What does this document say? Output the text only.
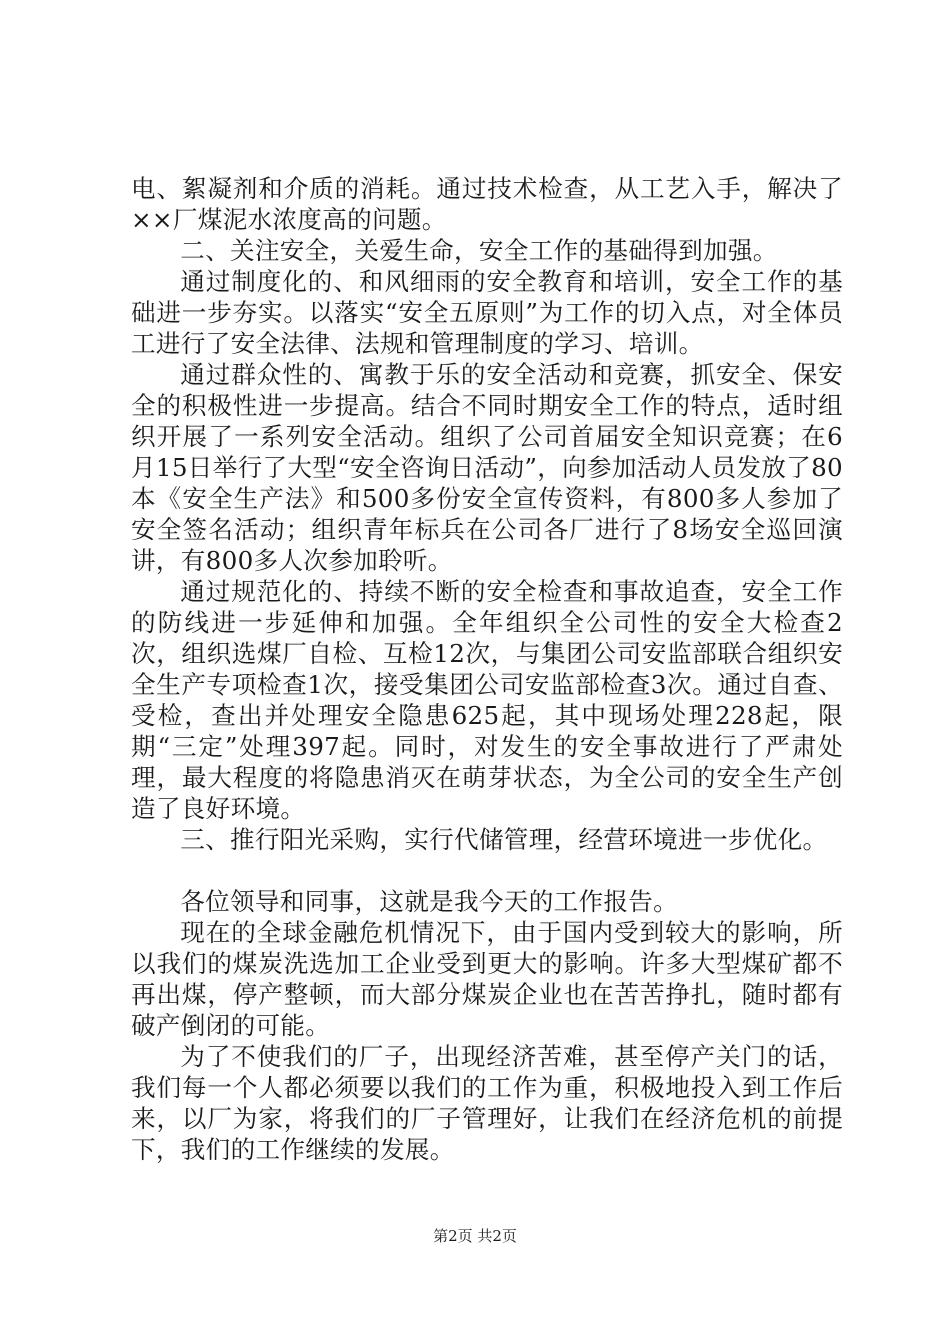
电、絮凝剂和介质的消耗。通过技术检查，从工艺入手，解决了××厂煤泥水浓度高的问题。

二、关注安全，关爱生命，安全工作的基础得到加强。

通过制度化的、和风细雨的安全教育和培训，安全工作的基础进一步夯实。以落实“安全五原则”为工作的切入点，对全体员工进行了安全法律、法规和管理制度的学习、培训。

通过群众性的、寓教于乐的安全活动和竞赛，抓安全、保安全的积极性进一步提高。结合不同时期安全工作的特点，适时组织开展了一系列安全活动。组织了公司首届安全知识竞赛；在6月15日举行了大型“安全咨询日活动”，向参加活动人员发放了80本《安全生产法》和500多份安全宣传资料，有800多人参加了安全签名活动；组织青年标兵在公司各厂进行了8场安全巡回演讲，有800多人次参加聆听。

通过规范化的、持续不断的安全检查和事故追查，安全工作的防线进一步延伸和加强。全年组织全公司性的安全大检查2次，组织选煤厂自检、互检12次，与集团公司安监部联合组织安全生产专项检查1次，接受集团公司安监部检查3次。通过自查、受检，查出并处理安全隐患625起，其中现场处理228起，限期“三定”处理397起。同时，对发生的安全事故进行了严肃处理，最大程度的将隐患消灭在萌芽状态，为全公司的安全生产创造了良好环境。

三、推行阳光采购，实行代储管理，经营环境进一步优化。

各位领导和同事，这就是我今天的工作报告。

现在的全球金融危机情况下，由于国内受到较大的影响，所以我们的煤炭洗选加工企业受到更大的影响。许多大型煤矿都不再出煤，停产整顿，而大部分煤炭企业也在苦苦挣扎，随时都有破产倒闭的可能。

为了不使我们的厂子，出现经济苦难，甚至停产关门的话，我们每一个人都必须要以我们的工作为重，积极地投入到工作后来，以厂为家，将我们的厂子管理好，让我们在经济危机的前提下，我们的工作继续的发展。

第2页 共2页
